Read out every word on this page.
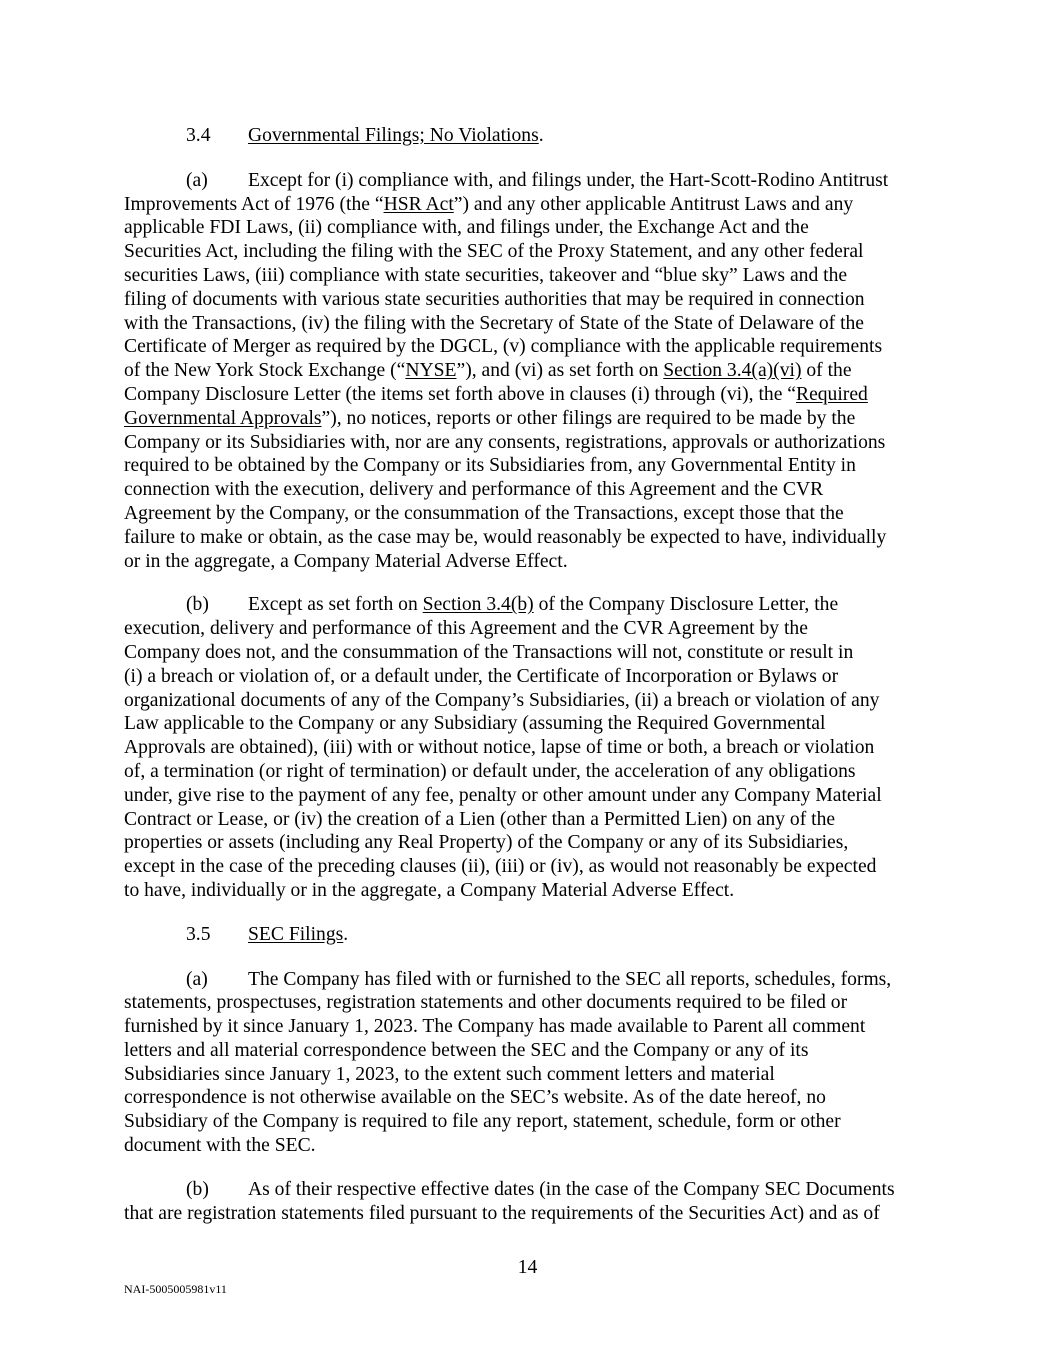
3.4 Governmental Filings; No Violations.
(a) Except for (i) compliance with, and filings under, the Hart-Scott-Rodino Antitrust
Improvements Act of 1976 (the “HSR Act”) and any other applicable Antitrust Laws and any
applicable FDI Laws, (ii) compliance with, and filings under, the Exchange Act and the
Securities Act, including the filing with the SEC of the Proxy Statement, and any other federal
securities Laws, (iii) compliance with state securities, takeover and “blue sky” Laws and the
filing of documents with various state securities authorities that may be required in connection
with the Transactions, (iv) the filing with the Secretary of State of the State of Delaware of the
Certificate of Merger as required by the DGCL, (v) compliance with the applicable requirements
of the New York Stock Exchange (“NYSE”), and (vi) as set forth on Section 3.4(a)(vi) of the
Company Disclosure Letter (the items set forth above in clauses (i) through (vi), the “Required
Governmental Approvals”), no notices, reports or other filings are required to be made by the
Company or its Subsidiaries with, nor are any consents, registrations, approvals or authorizations
required to be obtained by the Company or its Subsidiaries from, any Governmental Entity in
connection with the execution, delivery and performance of this Agreement and the CVR
Agreement by the Company, or the consummation of the Transactions, except those that the
failure to make or obtain, as the case may be, would reasonably be expected to have, individually
or in the aggregate, a Company Material Adverse Effect.
(b) Except as set forth on Section 3.4(b) of the Company Disclosure Letter, the
execution, delivery and performance of this Agreement and the CVR Agreement by the
Company does not, and the consummation of the Transactions will not, constitute or result in
(i) a breach or violation of, or a default under, the Certificate of Incorporation or Bylaws or
organizational documents of any of the Company’s Subsidiaries, (ii) a breach or violation of any
Law applicable to the Company or any Subsidiary (assuming the Required Governmental
Approvals are obtained), (iii) with or without notice, lapse of time or both, a breach or violation
of, a termination (or right of termination) or default under, the acceleration of any obligations
under, give rise to the payment of any fee, penalty or other amount under any Company Material
Contract or Lease, or (iv) the creation of a Lien (other than a Permitted Lien) on any of the
properties or assets (including any Real Property) of the Company or any of its Subsidiaries,
except in the case of the preceding clauses (ii), (iii) or (iv), as would not reasonably be expected
to have, individually or in the aggregate, a Company Material Adverse Effect.
3.5 SEC Filings.
(a) The Company has filed with or furnished to the SEC all reports, schedules, forms,
statements, prospectuses, registration statements and other documents required to be filed or
furnished by it since January 1, 2023. The Company has made available to Parent all comment
letters and all material correspondence between the SEC and the Company or any of its
Subsidiaries since January 1, 2023, to the extent such comment letters and material
correspondence is not otherwise available on the SEC’s website. As of the date hereof, no
Subsidiary of the Company is required to file any report, statement, schedule, form or other
document with the SEC.
(b) As of their respective effective dates (in the case of the Company SEC Documents
that are registration statements filed pursuant to the requirements of the Securities Act) and as of
14
NAI-5005005981v11
